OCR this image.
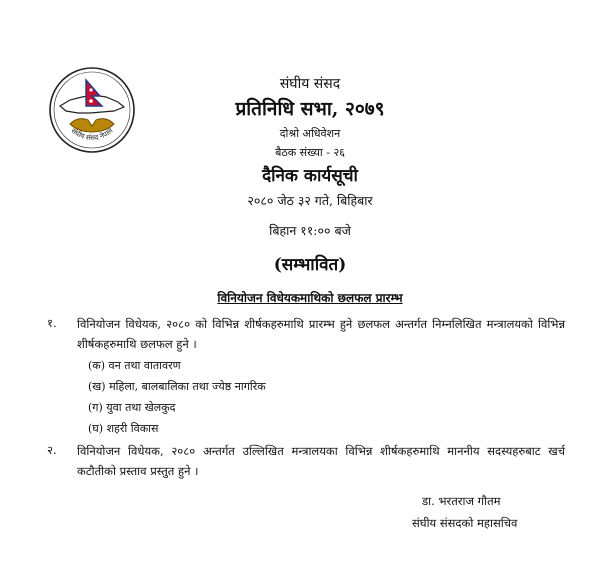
संघीय संसद नेपाल
संघीय संसद
प्रतिनिधि सभा, २०७९
दोश्रो अधिवेशन
बैठक संख्या - २६
दैनिक कार्यसूची
२०८० जेठ ३२ गते, बिहिबार
बिहान ११:०० बजे
(सम्भावित)
विनियोजन विधेयकमाथिको छलफल प्रारम्भ
१. विनियोजन विधेयक, २०८० को विभिन्न शीर्षकहरुमाथि प्रारम्भ हुने छलफल अन्तर्गत निम्नलिखित मन्त्रालयको विभिन्न शीर्षकहरुमाथि छलफल हुने ।
(क) वन तथा वातावरण
(ख) महिला, बालबालिका तथा ज्येष्ठ नागरिक
(ग) युवा तथा खेलकुद
(घ) शहरी विकास
२. विनियोजन विधेयक, २०८० अन्तर्गत उल्लिखित मन्त्रालयका विभिन्न शीर्षकहरुमाथि माननीय सदस्यहरुबाट खर्च कटौतीको प्रस्ताव प्रस्तुत हुने ।
डा. भरतराज गौतम
संघीय संसदको महासचिव
